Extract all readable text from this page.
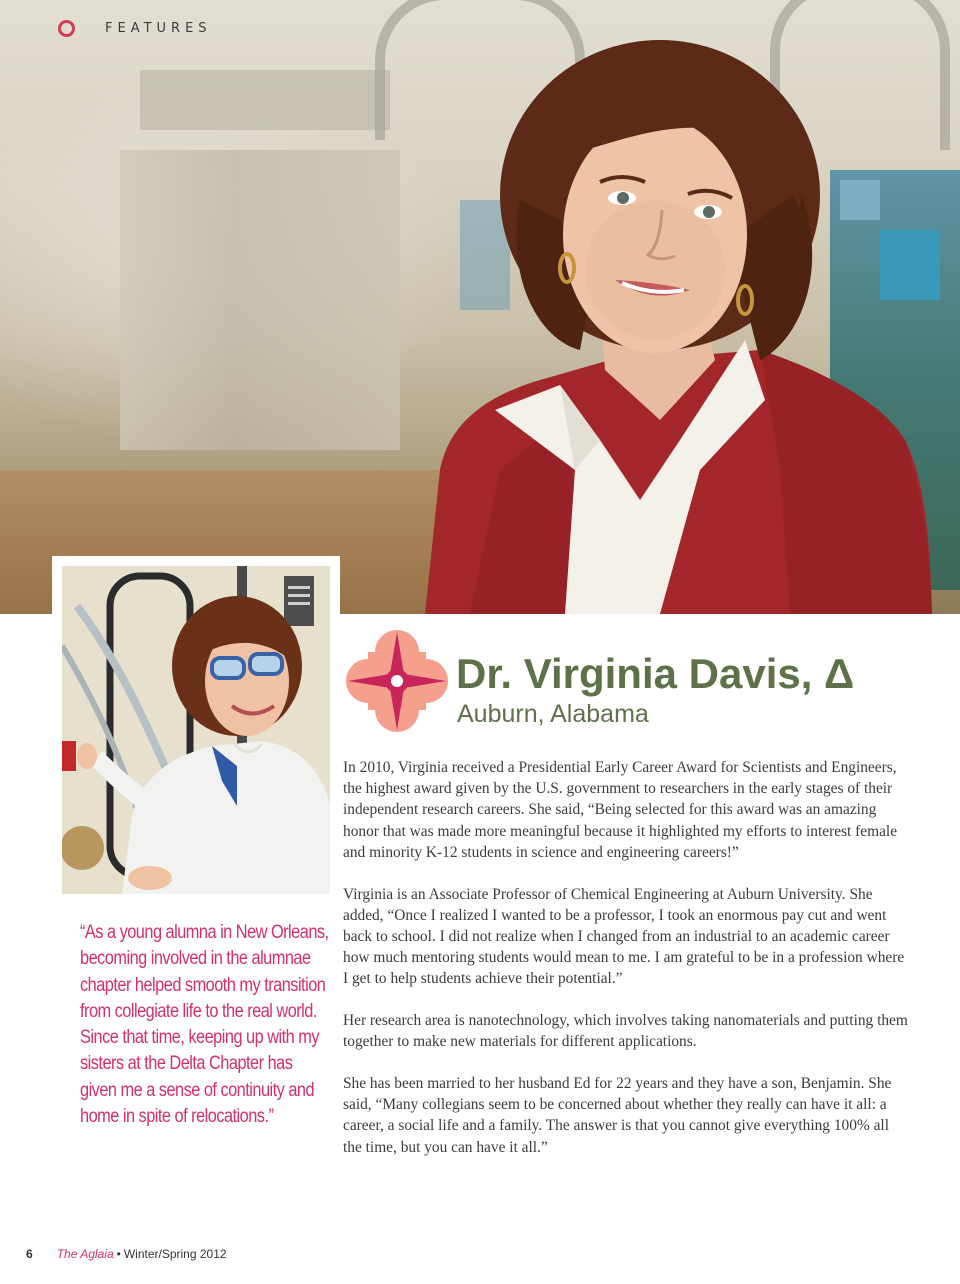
FEATURES
Dr. Virginia Davis, Δ
Auburn, Alabama

In 2010, Virginia received a Presidential Early Career Award for Scientists and Engineers, the highest award given by the U.S. government to researchers in the early stages of their independent research careers. She said, “Being selected for this award was an amazing honor that was made more meaningful because it highlighted my efforts to interest female and minority K-12 students in science and engineering careers!”

Virginia is an Associate Professor of Chemical Engineering at Auburn University. She added, “Once I realized I wanted to be a professor, I took an enormous pay cut and went back to school. I did not realize when I changed from an industrial to an academic career how much mentoring students would mean to me. I am grateful to be in a profession where I get to help students achieve their potential.”

Her research area is nanotechnology, which involves taking nanomaterials and putting them together to make new materials for different applications.

She has been married to her husband Ed for 22 years and they have a son, Benjamin. She said, “Many collegians seem to be concerned about whether they really can have it all: a career, a social life and a family. The answer is that you cannot give everything 100% all the time, but you can have it all.”

“As a young alumna in New Orleans, becoming involved in the alumnae chapter helped smooth my transition from collegiate life to the real world. Since that time, keeping up with my sisters at the Delta Chapter has given me a sense of continuity and home in spite of relocations.”
6 The Aglaia • Winter/Spring 2012
